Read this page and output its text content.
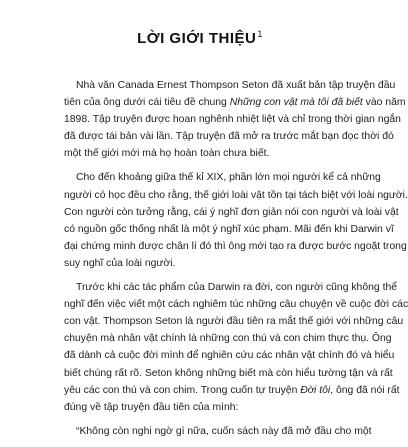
LỜI GIỚI THIỆU$^1$
Nhà văn Canada Ernest Thompson Seton đã xuất bản tập truyện đầu
tiên của ông dưới cái tiêu đề chung Những con vật mà tôi đã biết vào năm
1898. Tập truyện được hoan nghênh nhiệt liệt và chỉ trong thời gian ngắn
đã được tái bản vài lần. Tập truyện đã mở ra trước mắt bạn đọc thời đó
một thế giới mới mà họ hoàn toàn chưa biết.
Cho đến khoảng giữa thế kỉ XIX, phần lớn mọi người kể cả những
người có học đều cho rằng, thế giới loài vật tồn tại tách biệt với loài người.
Con người còn tưởng rằng, cái ý nghĩ đơn giản nói con người và loài vật
có nguồn gốc thống nhất là một ý nghĩ xúc phạm. Mãi đến khi Darwin vĩ
đại chứng minh được chân lí đó thì ông mới tạo ra được bước ngoặt trong
suy nghĩ của loài người.
Trước khi các tác phẩm của Darwin ra đời, con người cũng không thể
nghĩ đến việc viết một cách nghiêm túc những câu chuyện về cuộc đời các
con vật. Thompson Seton là người đầu tiên ra mắt thế giới với những câu
chuyện mà nhân vật chính là những con thú và con chim thực thụ. Ông
đã dành cả cuộc đời mình để nghiên cứu các nhân vật chính đó và hiểu
biết chúng rất rõ. Seton không những biết mà còn hiểu tường tận và rất
yêu các con thú và con chim. Trong cuốn tự truyện Đời tôi, ông đã nói rất
đúng về tập truyện đầu tiên của mình:
“Không còn nghi ngờ gì nữa, cuốn sách này đã mở đầu cho một
